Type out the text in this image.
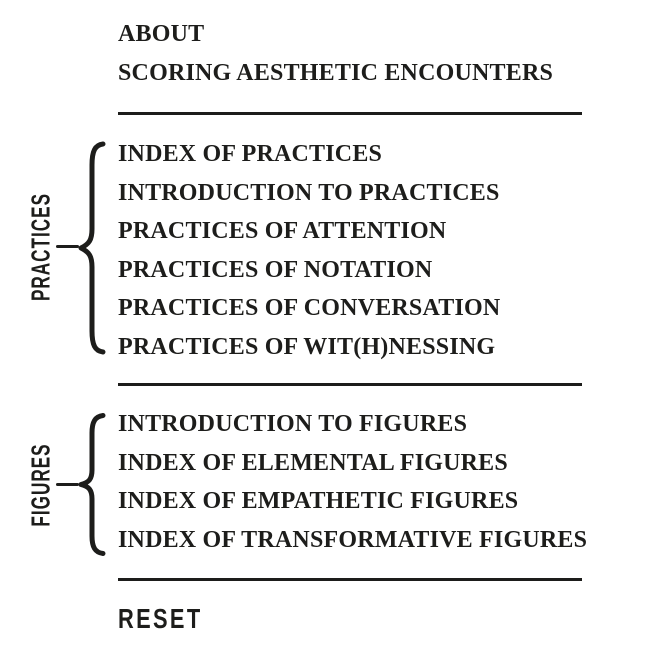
ABOUT
SCORING AESTHETIC ENCOUNTERS
INDEX OF PRACTICES
INTRODUCTION TO PRACTICES
PRACTICES OF ATTENTION
PRACTICES OF NOTATION
PRACTICES OF CONVERSATION
PRACTICES OF WIT(H)NESSING
PRACTICES
INTRODUCTION TO FIGURES
INDEX OF ELEMENTAL FIGURES
INDEX OF EMPATHETIC FIGURES
INDEX OF TRANSFORMATIVE FIGURES
FIGURES
RESET
